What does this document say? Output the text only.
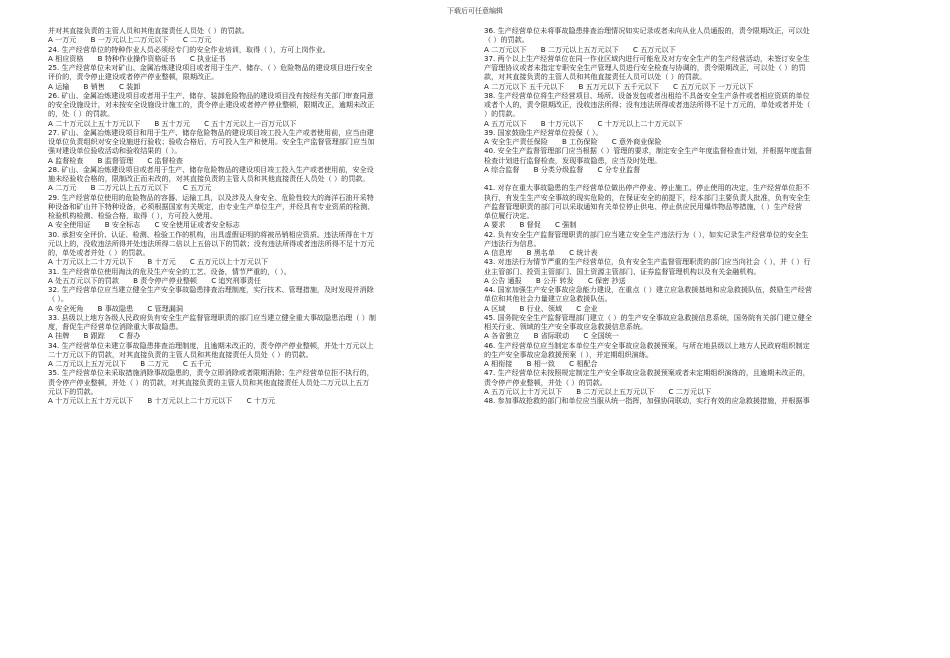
下载后可任意编辑
并对其直接负责的主管人员和其他直接责任人员处（ ）的罚款。
A 一万元　　B 一万元以上二万元以下　　C 二万元
24. 生产经营单位的特种作业人员必须经专门的安全作业培训，取得（ ），方可上岗作业。
A 相应资格　　B 特种作业操作资格证书　　C 执业证书
25. 生产经营单位未对矿山、金属冶炼建设项目或者用于生产、储存、（ ）危险物品的建设项目进行安全
评价的，责令停止建设或者停产停业整顿，限期改正。
A 运输　　B 销售　　C 装卸
26. 矿山、金属冶炼建设项目或者用于生产、储存、装卸危险物品的建设项目没有按经有关部门审查同意
的安全设施设计，对未按安全设施设计施工的，责令停止建设或者停产停业整顿，限期改正，逾期未改正
的，处（ ）的罚款。
A 二十万元以上五十万元以下　　B 五十万元　　C 五十万元以上一百万元以下
27. 矿山、金属冶炼建设项目和用于生产、储存危险物品的建设项目竣工投入生产或者使用前，应当由建
设单位负责组织对安全设施进行验收；验收合格后，方可投入生产和使用。安全生产监督管理部门应当加
强对建设单位验收活动和验收结果的（ ）。
A 监督检查　　B 监督管理　　C 监督检查
28. 矿山、金属冶炼建设项目或者用于生产、储存危险物品的建设项目竣工投入生产或者使用前，安全设
施未经验收合格的，限制改正而未改的，对其直接负责的主管人员和其他直接责任人员处（ ）的罚款。
A 二万元　　B 二万元以上五万元以下　　C 五万元
29. 生产经营单位使用的危险物品的容器、运输工具，以及涉及人身安全、危险性较大的海洋石油开采特
种设备和矿山井下特种设备，必须根据国家有关规定，由专业生产单位生产，并经具有专业资质的检测、
检验机构检测、检验合格，取得（ ），方可投入使用。
A 安全使用证　　B 安全标志　　C 安全使用证或者安全标志
30. 承担安全评价、认证、检测、检验工作的机构，出具虚假证明的将被吊销相应资质。违法所得在十万
元以上的，没收违法所得并处违法所得二倍以上五倍以下的罚款；没有违法所得或者违法所得不足十万元
的，单处或者并处（ ）的罚款。
A 十万元以上二十万元以下　　B 十万元　　C 五万元以上十万元以下
31. 生产经营单位使用淘汰的危及生产安全的工艺、设备，情节严重的，（ ）。
A 处五万元以下的罚款　　B 责令停产停业整顿　　C 追究刑事责任
32. 生产经营单位应当建立健全生产安全事故隐患排查治理制度，实行技术、管理措施，及时发现并消除
（ ）。
A 安全死角　　B 事故隐患　　C 管理漏洞
33. 县级以上地方各级人民政府负有安全生产监督管理职责的部门应当建立健全重大事故隐患治理（ ）制
度，督促生产经营单位消除重大事故隐患。
A 挂牌　　B 跟踪　　C 督办
34. 生产经营单位未建立事故隐患排查治理制度，且逾期未改正的，责令停产停业整顿，并处十万元以上
二十万元以下的罚款，对其直接负责的主管人员和其他直接责任人员处（ ）的罚款。
A 二万元以上五万元以下　　B 二万元　　C 五千元
35. 生产经营单位未采取措施消除事故隐患的，责令立即消除或者限期消除；生产经营单位拒不执行的，
责令停产停业整顿，并处（ ）的罚款，对其直接负责的主管人员和其他直接责任人员处二万元以上五万
元以下的罚款。
A 十万元以上五十万元以下　　B 十万元以上二十万元以下　　C 十万元
36. 生产经营单位未将事故隐患排查治理情况如实记录或者未向从业人员通报的，责令限期改正，可以处
（ ）的罚款。
A 二万元以下　　B 二万元以上五万元以下　　C 五万元以下
37. 两个以上生产经营单位在同一作业区域内进行可能危及对方安全生产的生产经营活动，未签订安全生
产管理协议或者未指定专职安全生产管理人员进行安全检查与协调的，责令限期改正，可以处（ ）的罚
款，对其直接负责的主管人员和其他直接责任人员可以处（ ）的罚款。
A 二万元以下 五千元以下　　B 五万元以下 五千元以下　　C 五万元以下 一万元以下
38. 生产经营单位将生产经营项目、场所、设备发包或者出租给不具备安全生产条件或者相应资质的单位
或者个人的，责令限期改正，没收违法所得；没有违法所得或者违法所得不足十万元的，单处或者并处（
）的罚款。
A 五万元以下　　B 十万元以下　　C 十万元以上二十万元以下
39. 国家鼓励生产经营单位投保（ ）。
A 安全生产责任保险　　B 工伤保险　　C 意外商业保险
40. 安全生产监督管理部门应当根据（ ）管理的要求，制定安全生产年度监督检查计划，并根据年度监督
检查计划进行监督检查，发现事故隐患，应当及时处理。
A 综合监督　　B 分类分级监督　　C 分专业监督
41. 对存在重大事故隐患的生产经营单位做出停产停业、停止施工、停止使用的决定，生产经营单位拒不
执行，有发生生产安全事故的现实危险的，在保证安全的前提下，经本部门主要负责人批准，负有安全生
产监督管理职责的部门可以采取通知有关单位停止供电、停止供应民用爆炸物品等措施，（ ）生产经营
单位履行决定。
A 要求　　B 督促　　C 强制
42. 负有安全生产监督管理职责的部门应当建立安全生产违法行为（ ），如实记录生产经营单位的安全生
产违法行为信息。
A 信息库　　B 黑名单　　C 统计表
43. 对违法行为情节严重的生产经营单位，负有安全生产监督管理职责的部门应当向社会（ ），并（ ）行
业主管部门、投资主管部门、国土资源主管部门、证券监督管理机构以及有关金融机构。
A 公告 通报　　B 公开 转发　　C 保密 抄送
44. 国家加强生产安全事故应急能力建设，在重点（ ）建立应急救援基地和应急救援队伍，鼓励生产经营
单位和其他社会力量建立应急救援队伍。
A 区域　　B 行业、领域　　C 企业
45. 国务院安全生产监督管理部门建立（ ）的生产安全事故应急救援信息系统，国务院有关部门建立健全
相关行业、领域的生产安全事故应急救援信息系统。
A 各省独立　　B 省际联动　　C 全国统一
46. 生产经营单位应当制定本单位生产安全事故应急救援预案，与所在地县级以上地方人民政府组织制定
的生产安全事故应急救援预案（ ），并定期组织演练。
A 相衔接　　B 相一致　　C 相配合
47. 生产经营单位未按照规定制定生产安全事故应急救援预案或者未定期组织演练的，且逾期未改正的，
责令停产停业整顿，并处（ ）的罚款。
A 五万元以上十万元以下　　B 二万元以上五万元以下　　C 二万元以下
48. 参加事故抢救的部门和单位应当服从统一指挥，加强协同联动，实行有效的应急救援措施，并根据事
